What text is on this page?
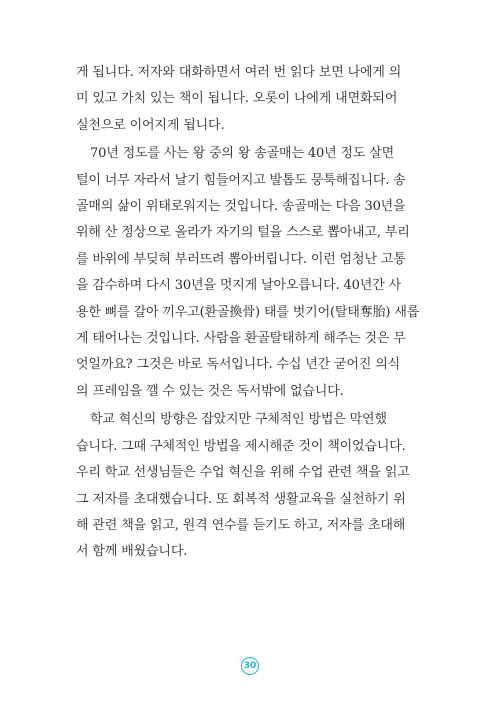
게 됩니다. 저자와 대화하면서 여러 번 읽다 보면 나에게 의
미 있고 가치 있는 책이 됩니다. 오롯이 나에게 내면화되어
실천으로 이어지게 됩니다.

70년 정도를 사는 왕 중의 왕 송골매는 40년 정도 살면
털이 너무 자라서 날기 힘들어지고 발톱도 뭉툭해집니다. 송
골매의 삶이 위태로워지는 것입니다. 송골매는 다음 30년을
위해 산 정상으로 올라가 자기의 털을 스스로 뽑아내고, 부리
를 바위에 부딪혀 부러뜨려 뽑아버립니다. 이런 엄청난 고통
을 감수하며 다시 30년을 멋지게 날아오릅니다. 40년간 사
용한 뼈를 갈아 끼우고(환골換骨) 태를 벗기어(탈태奪胎) 새롭
게 태어나는 것입니다. 사람을 환골탈태하게 해주는 것은 무
엇일까요? 그것은 바로 독서입니다. 수십 년간 굳어진 의식
의 프레임을 깰 수 있는 것은 독서밖에 없습니다.

학교 혁신의 방향은 잡았지만 구체적인 방법은 막연했
습니다. 그때 구체적인 방법을 제시해준 것이 책이었습니다.
우리 학교 선생님들은 수업 혁신을 위해 수업 관련 책을 읽고
그 저자를 초대했습니다. 또 회복적 생활교육을 실천하기 위
해 관련 책을 읽고, 원격 연수를 듣기도 하고, 저자를 초대해
서 함께 배웠습니다.

30
